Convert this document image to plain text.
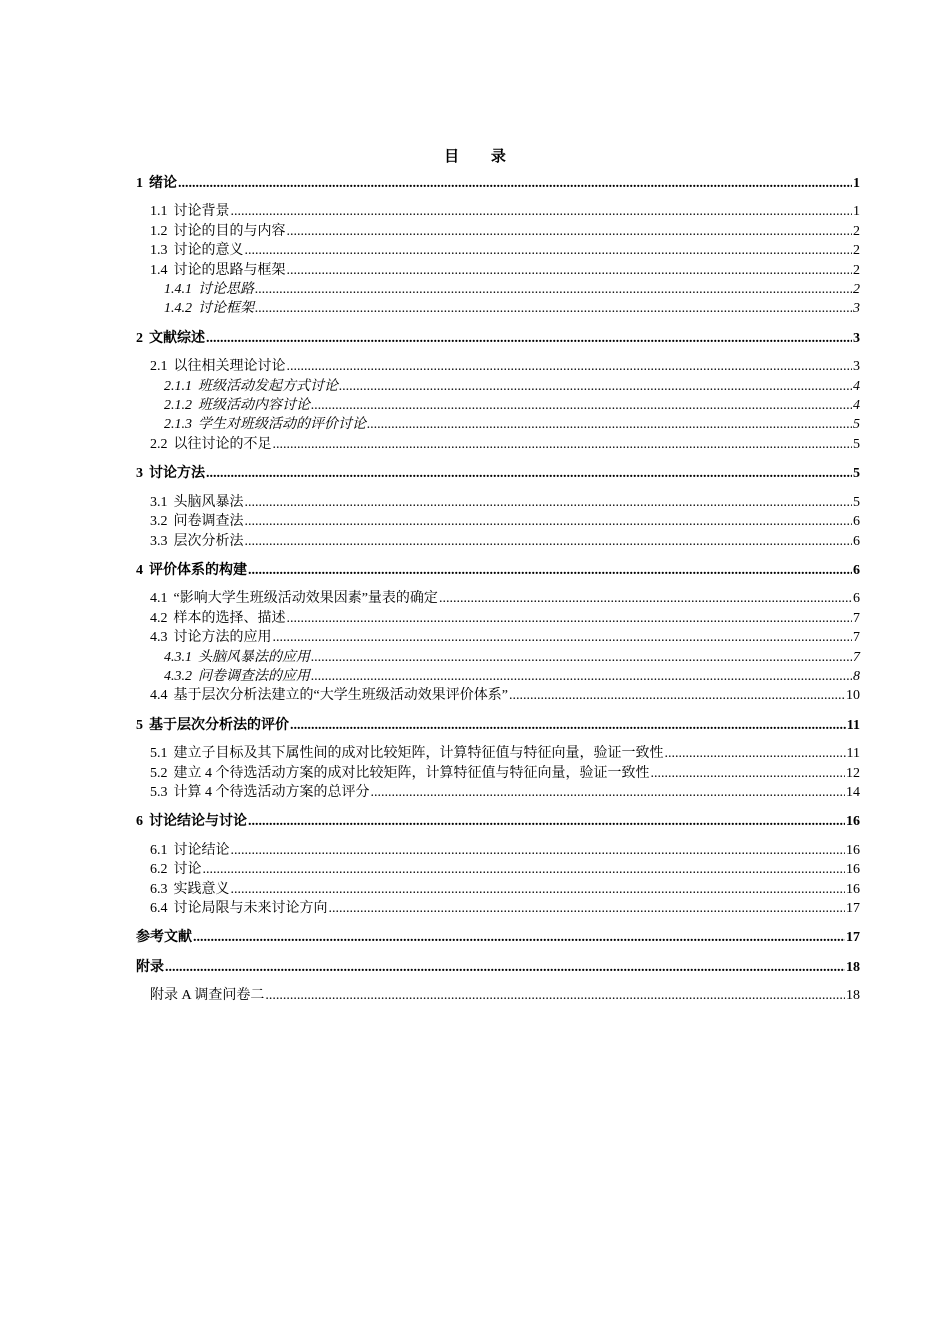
目 录
1 绪论 .....	1
1.1 讨论背景 .....	1
1.2 讨论的目的与内容 .....	2
1.3 讨论的意义 .....	2
1.4 讨论的思路与框架 .....	2
1.4.1 讨论思路 .....	2
1.4.2 讨论框架 .....	3
2 文献综述 .....	3
2.1 以往相关理论讨论 .....	3
2.1.1 班级活动发起方式讨论 .....	4
2.1.2 班级活动内容讨论 .....	4
2.1.3 学生对班级活动的评价讨论 .....	5
2.2 以往讨论的不足 .....	5
3 讨论方法 .....	5
3.1 头脑风暴法 .....	5
3.2 问卷调查法 .....	6
3.3 层次分析法 .....	6
4 评价体系的构建 .....	6
4.1 “影响大学生班级活动效果因素”量表的确定 .....	6
4.2 样本的选择、描述 .....	7
4.3 讨论方法的应用 .....	7
4.3.1 头脑风暴法的应用 .....	7
4.3.2 问卷调查法的应用 .....	8
4.4 基于层次分析法建立的“大学生班级活动效果评价体系” .....	10
5 基于层次分析法的评价 .....	11
5.1 建立子目标及其下属性间的成对比较矩阵，计算特征值与特征向量，验证一致性 .....	11
5.2 建立 4 个待选活动方案的成对比较矩阵，计算特征值与特征向量，验证一致性 .....	12
5.3 计算 4 个待选活动方案的总评分 .....	14
6 讨论结论与讨论 .....	16
6.1 讨论结论 .....	16
6.2 讨论 .....	16
6.3 实践意义 .....	16
6.4 讨论局限与未来讨论方向 .....	17
参考文献 .....	17
附录 .....	18
附录 A 调查问卷二 .....	18
